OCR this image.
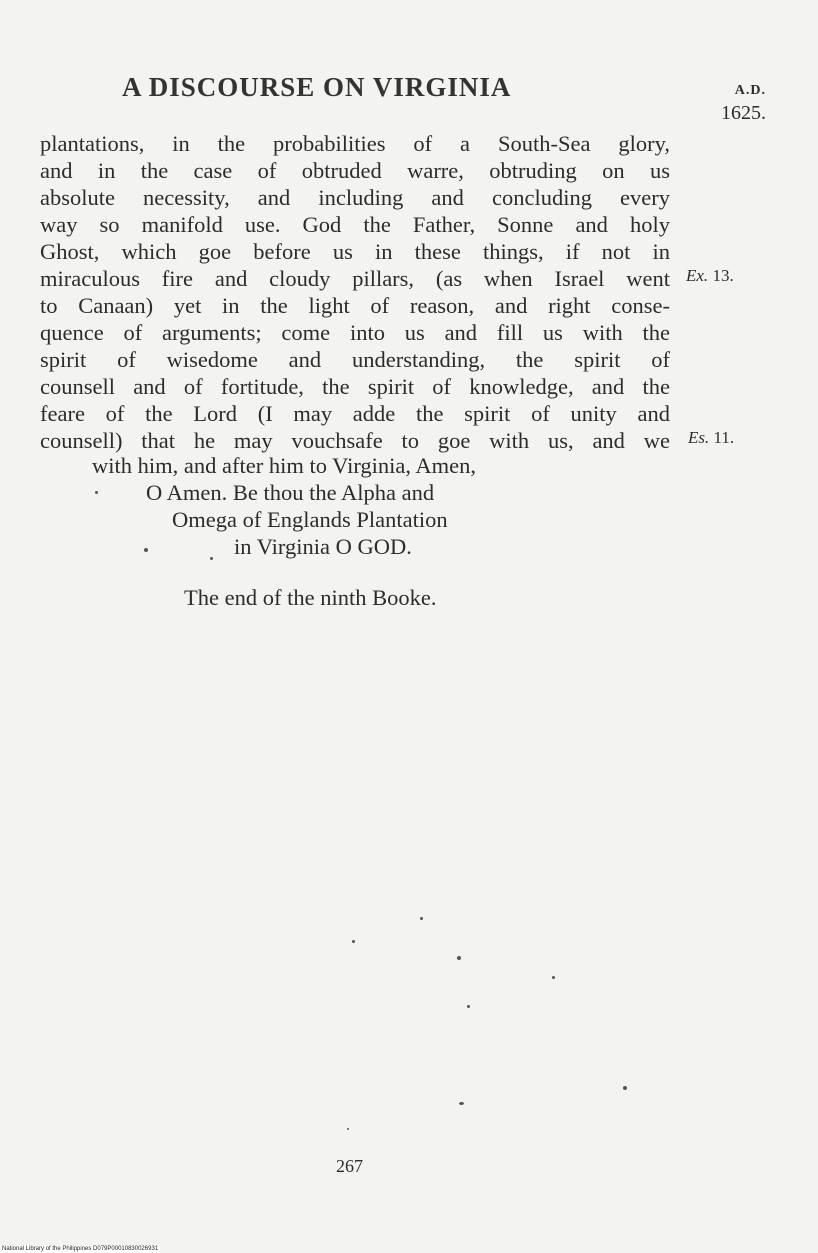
A DISCOURSE ON VIRGINIA	A.D.
1625.
plantations, in the probabilities of a South-Sea glory,
and in the case of obtruded warre, obtruding on us
absolute necessity, and including and concluding every
way so manifold use. God the Father, Sonne and holy
Ghost, which goe before us in these things, if not in
miraculous fire and cloudy pillars, (as when Israel went
to Canaan) yet in the light of reason, and right conse-
quence of arguments; come into us and fill us with the
spirit of wisedome and understanding, the spirit of
counsell and of fortitude, the spirit of knowledge, and the
feare of the Lord (I may adde the spirit of unity and
counsell) that he may vouchsafe to goe with us, and we
Ex. 13.
Es. 11.
with him, and after him to Virginia, Amen,
O Amen. Be thou the Alpha and
Omega of Englands Plantation
in Virginia O GOD.
The end of the ninth Booke.
267
National Library of the Philippines D079P00010830026931
